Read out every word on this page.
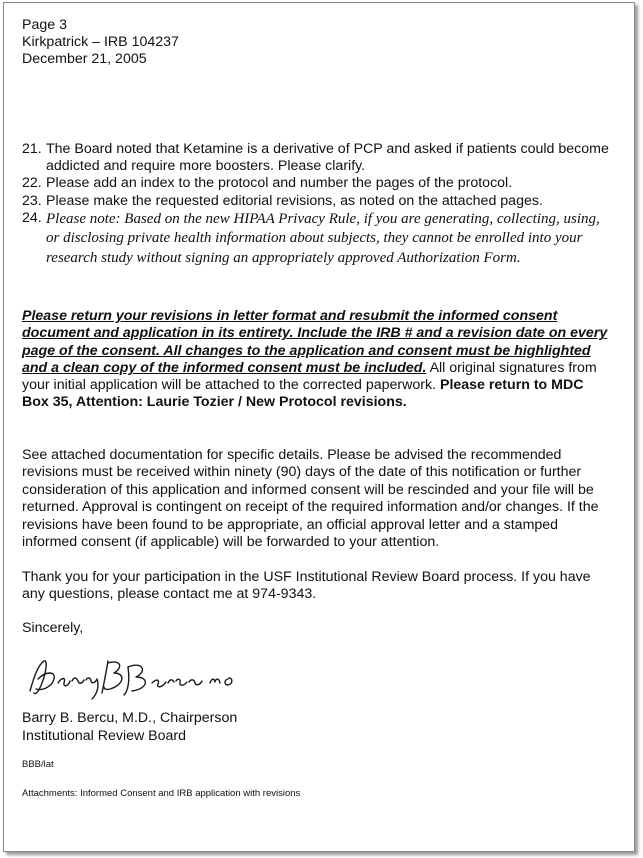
Page 3
Kirkpatrick – IRB 104237
December 21, 2005
21. The Board noted that Ketamine is a derivative of PCP and asked if patients could become addicted and require more boosters. Please clarify.
22. Please add an index to the protocol and number the pages of the protocol.
23. Please make the requested editorial revisions, as noted on the attached pages.
24. Please note: Based on the new HIPAA Privacy Rule, if you are generating, collecting, using, or disclosing private health information about subjects, they cannot be enrolled into your research study without signing an appropriately approved Authorization Form.
Please return your revisions in letter format and resubmit the informed consent document and application in its entirety. Include the IRB # and a revision date on every page of the consent. All changes to the application and consent must be highlighted and a clean copy of the informed consent must be included. All original signatures from your initial application will be attached to the corrected paperwork. Please return to MDC Box 35, Attention: Laurie Tozier / New Protocol revisions.
See attached documentation for specific details. Please be advised the recommended revisions must be received within ninety (90) days of the date of this notification or further consideration of this application and informed consent will be rescinded and your file will be returned. Approval is contingent on receipt of the required information and/or changes. If the revisions have been found to be appropriate, an official approval letter and a stamped informed consent (if applicable) will be forwarded to your attention.
Thank you for your participation in the USF Institutional Review Board process. If you have any questions, please contact me at 974-9343.
Sincerely,
Barry B. Bercu, M.D., Chairperson
Institutional Review Board
BBB/lat
Attachments: Informed Consent and IRB application with revisions
